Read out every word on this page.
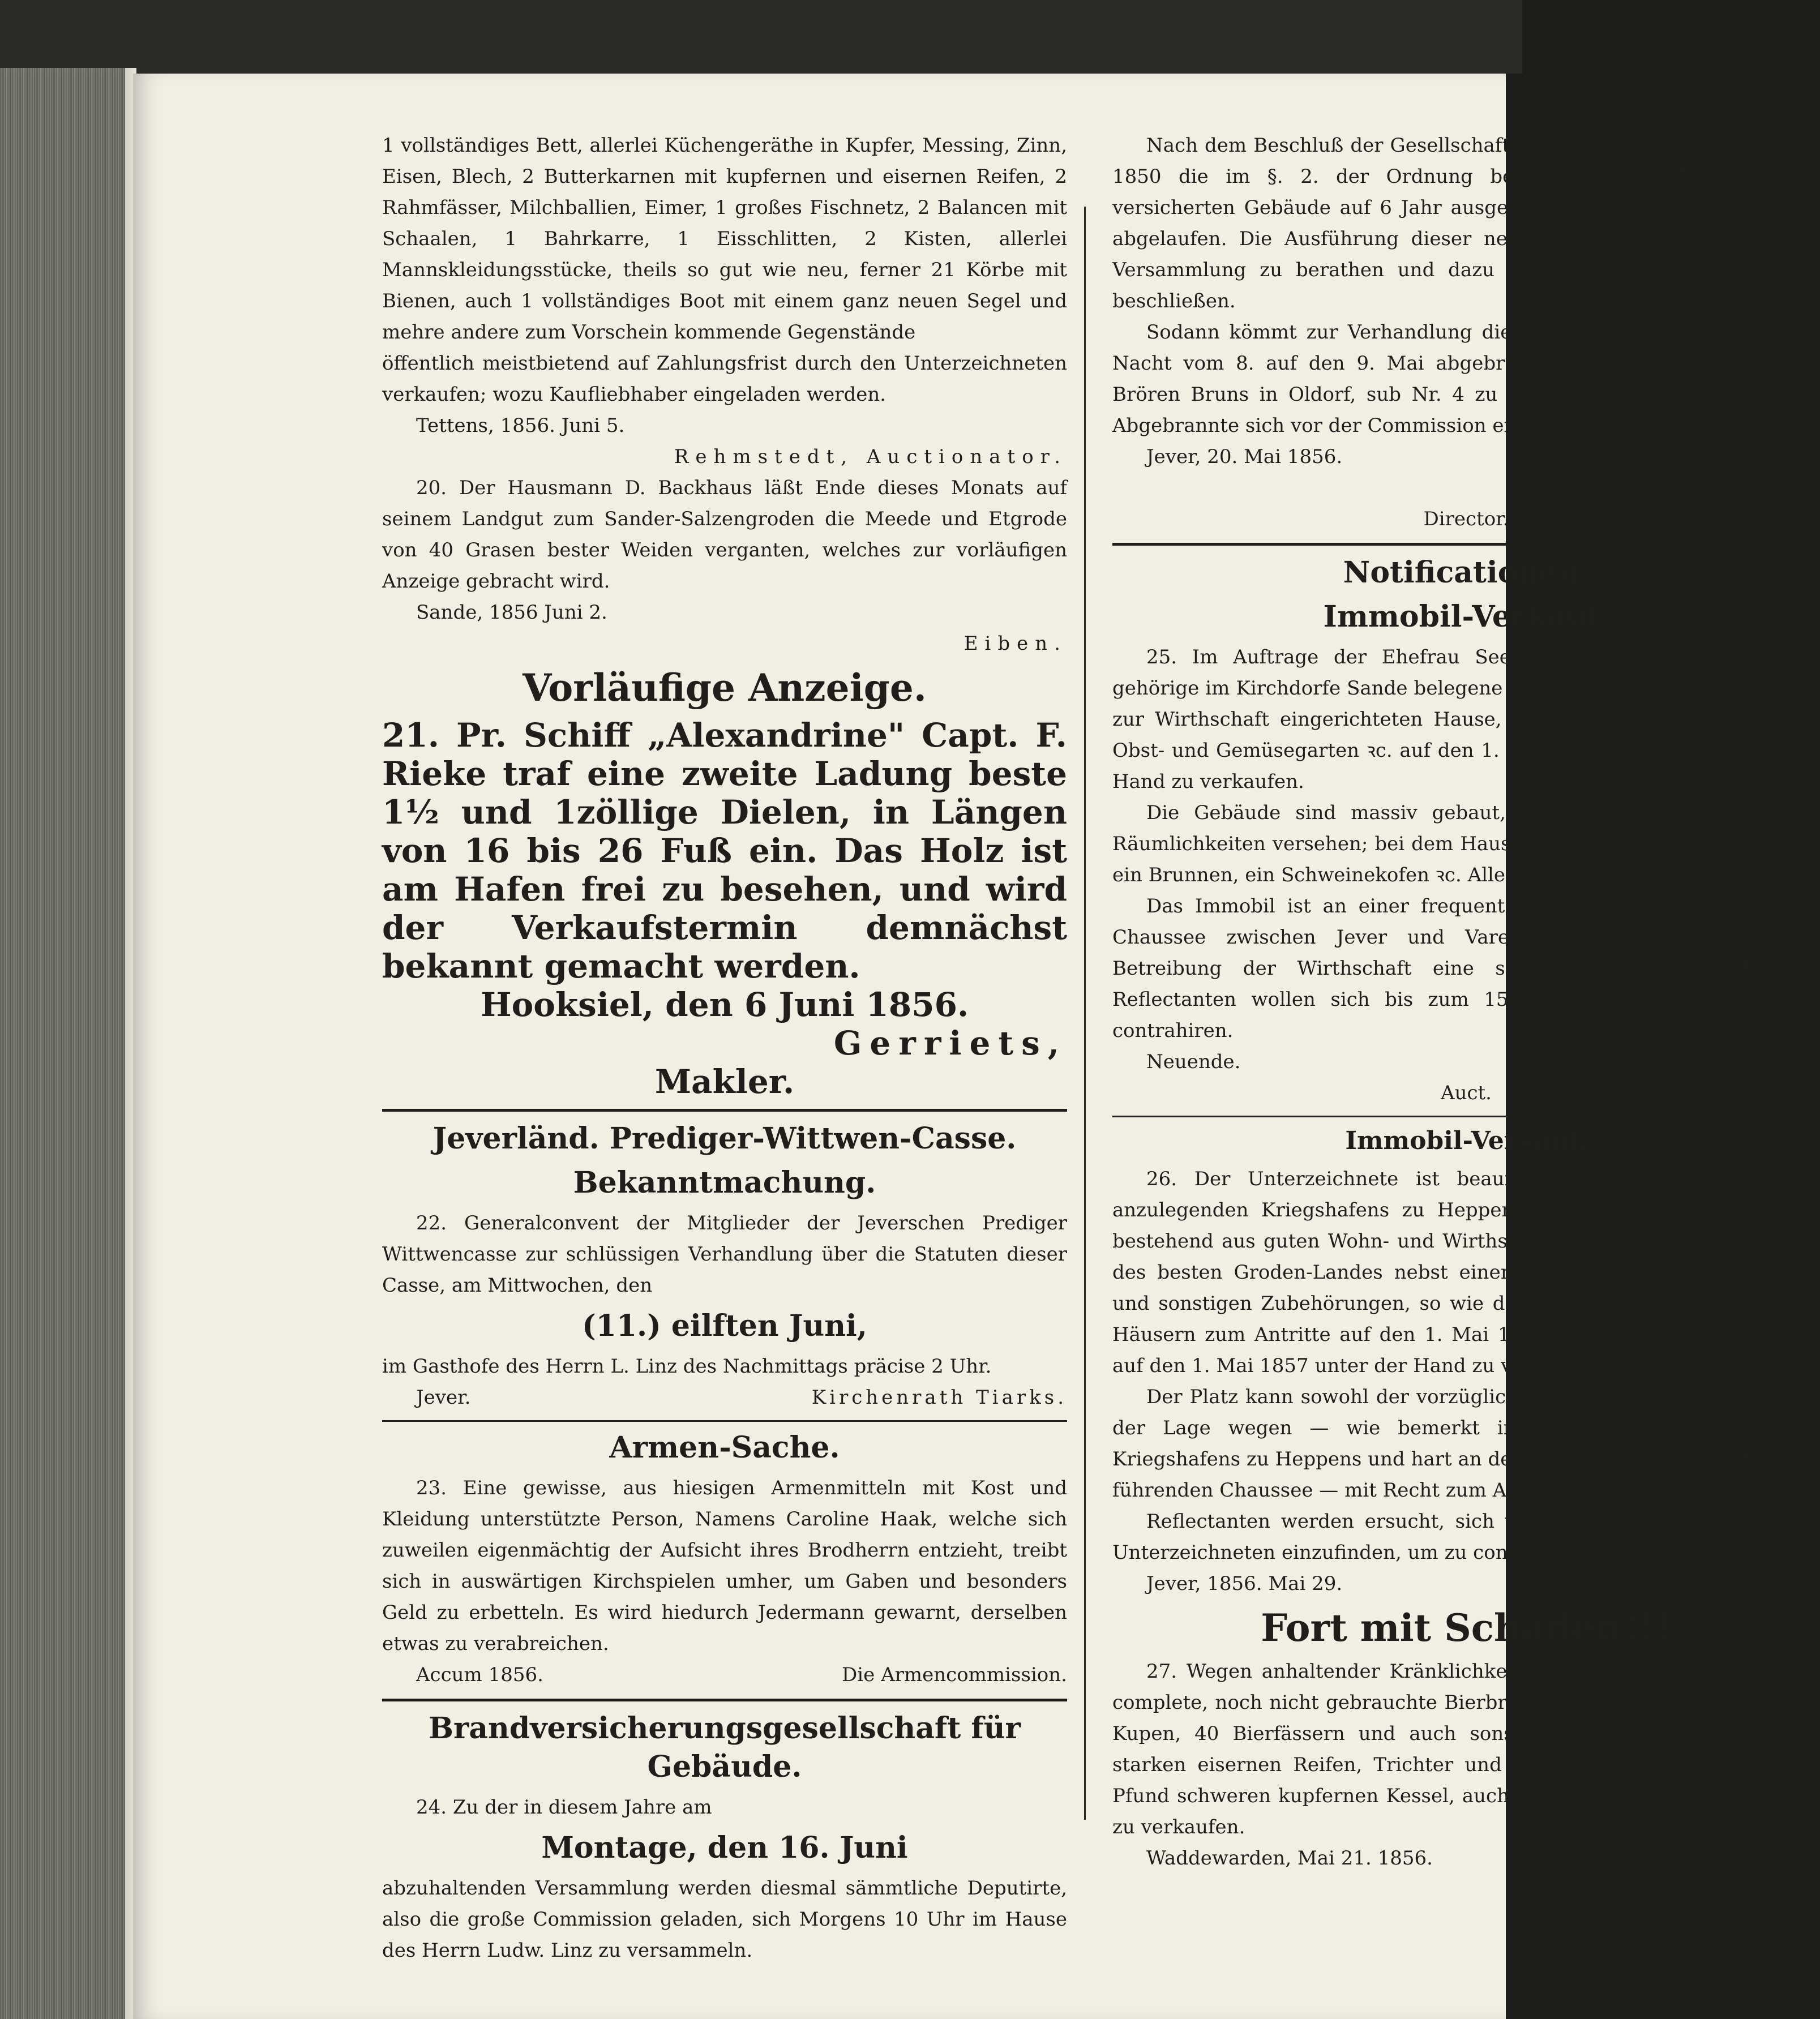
1 vollständiges Bett, allerlei Küchengeräthe in Kupfer, Messing, Zinn, Eisen, Blech, 2 Butterkarnen mit kupfernen und eisernen Reifen, 2 Rahmfässer, Milchballien, Eimer, 1 großes Fischnetz, 2 Balancen mit Schaalen, 1 Bahrkarre, 1 Eisschlitten, 2 Kisten, allerlei Mannskleidungsstücke, theils so gut wie neu, ferner 21 Körbe mit Bienen, auch 1 vollständiges Boot mit einem ganz neuen Segel und mehre andere zum Vorschein kommende Gegenstände

öffentlich meistbietend auf Zahlungsfrist durch den Unterzeichneten verkaufen; wozu Kaufliebhaber eingeladen werden.

Tettens, 1856. Juni 5.

Rehmstedt, Auctionator.

20. Der Hausmann D. Backhaus läßt Ende dieses Monats auf seinem Landgut zum Sander-Salzengroden die Meede und Etgrode von 40 Grasen bester Weiden verganten, welches zur vorläufigen Anzeige gebracht wird.

Sande, 1856 Juni 2.

Eiben.

Vorläufige Anzeige.

21. Pr. Schiff „Alexandrine" Capt. F. Rieke traf eine zweite Ladung beste 1½ und 1zöllige Dielen, in Längen von 16 bis 26 Fuß ein. Das Holz ist am Hafen frei zu besehen, und wird der Verkaufstermin demnächst bekannt gemacht werden.

Hooksiel, den 6 Juni 1856.

Gerriets,

Makler.

Jeverländ. Prediger-Wittwen-Casse.
Bekanntmachung.

22. Generalconvent der Mitglieder der Jeverschen Prediger Wittwencasse zur schlüssigen Verhandlung über die Statuten dieser Casse, am Mittwochen, den

(11.) eilften Juni,

im Gasthofe des Herrn L. Linz des Nachmittags präcise 2 Uhr.

Jever.	Kirchenrath Tiarks.
Armen-Sache.

23. Eine gewisse, aus hiesigen Armenmitteln mit Kost und Kleidung unterstützte Person, Namens Caroline Haak, welche sich zuweilen eigenmächtig der Aufsicht ihres Brodherrn entzieht, treibt sich in auswärtigen Kirchspielen umher, um Gaben und besonders Geld zu erbetteln. Es wird hiedurch Jedermann gewarnt, derselben etwas zu verabreichen.

Accum 1856.	Die Armencommission.
Brandversicherungsgesellschaft für Gebäude.

24. Zu der in diesem Jahre am

Montage, den 16. Juni

abzuhaltenden Versammlung werden diesmal sämmtliche Deputirte, also die große Commission geladen, sich Morgens 10 Uhr im Hause des Herrn Ludw. Linz zu versammeln.

Nach dem Beschluß der Gesellschaft ist laut Protocolls vom 15. Juni 1850 die im §. 2. der Ordnung bestimmte neue Taxation aller versicherten Gebäude auf 6 Jahr ausgesetzt, und diese Frist nunmehr abgelaufen. Die Ausführung dieser neuen Taxation ist daher in der Versammlung zu berathen und dazu die nöthigen Anordnungen zu beschließen.

Sodann kömmt zur Verhandlung die Entschädigung für das in der Nacht vom 8. auf den 9. Mai abgebrannte Haus des Schusters Joh Brören Bruns in Oldorf, sub Nr. 4 zu 140 Thlr. versichert, wozu der Abgebrannte sich vor der Commission einzufinden hat.

Jever, 20. Mai 1856.

Hollmann,

Director.

Notificationen.
Immobil-Verkauf.

25. Im Auftrage der Ehefrau Seetzen habe ich das derselben gehörige im Kirchdorfe Sande belegene Immobile, bestehend aus einem zur Wirthschaft eingerichteten Hause, einem geräumigen Stall nebst Obst- und Gemüsegarten ꝛc. auf den 1. Mai 1857 anzutreten, unter der Hand zu verkaufen.

Die Gebäude sind massiv gebaut, fast neu und mit gehörigen Räumlichkeiten versehen; bei dem Hause befindet sich eine Kegelbahn, ein Brunnen, ein Schweinekofen ꝛc. Alles in einem sehr guten Stande.

Das Immobil ist an einer frequenten Straße, unmittelbar an der Chaussee zwischen Jever und Varel belegen, hat deshalb zur Betreibung der Wirthschaft eine sehr günstige Lage. Etwaige Reflectanten wollen sich bis zum 15. Juni bei mir einfinden und contrahiren.

Neuende.	Janssen,

Auct.

Immobil-Verkauf.

26. Der Unterzeichnete ist beauftragt, ein in der Nähe des anzulegenden Kriegshafens zu Heppens belegenes Landgut (Polder) bestehend aus guten Wohn- und Wirthschafts-Gebäuden, c 120 Grasen des besten Groden-Landes nebst einer Binnenberme, Gartengründen und sonstigen Zubehörungen, so wie den dazu gehörigen vier Kötern-Häusern zum Antritte auf den 1. Mai 1858 oder vielleicht auch schon auf den 1. Mai 1857 unter der Hand zu verkaufen.

Der Platz kann sowohl der vorzüglichen Bonität der Ländereien, als der Lage wegen — wie bemerkt in der Nähe des projectirten Kriegshafens zu Heppens und hart an der nach Mariensiel und Heppens führenden Chaussee — mit Recht zum Ankaufe empfohlen werden.

Reflectanten werden ersucht, sich vor Johanni (24. Juni) bei dem Unterzeichneten einzufinden, um zu contrahiren.

Jever, 1856. Mai 29.	v. Cölln.
Fort mit Schaden!!!

27. Wegen anhaltender Kränklichkeit beabsichtige ich meine neue complete, noch nicht gebrauchte Bierbrauerei, bestehend aus 2 großen Kupen, 40 Bierfässern und auch sonstigen Fässern, sämmtlich mit starken eisernen Reifen, Trichter und Baljen, sowie einen nahe 265 Pfund schweren kupfernen Kessel, auch ca. 1 Last schönen Malz, billig zu verkaufen.

Waddewarden, Mai 21. 1856.

C. L. Heintzen.
